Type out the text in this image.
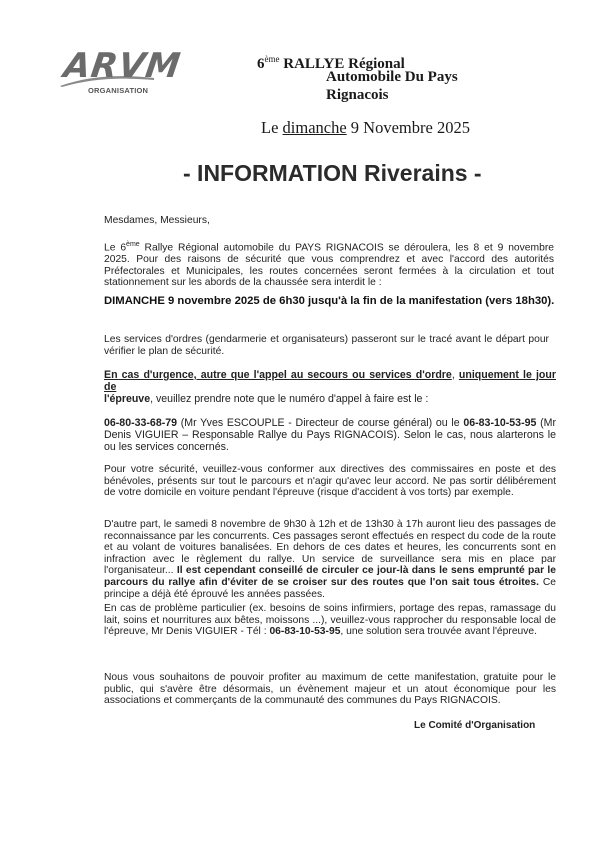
ARVM
ORGANISATION
6ème RALLYE Régional
Automobile Du Pays
Rignacois
Le dimanche 9 Novembre 2025
- INFORMATION Riverains -
Mesdames, Messieurs,
Le 6ème Rallye Régional automobile du PAYS RIGNACOIS se déroulera, les 8 et 9 novembre 2025. Pour des raisons de sécurité que vous comprendrez et avec l'accord des autorités Préfectorales et Municipales, les routes concernées seront fermées à la circulation et tout stationnement sur les abords de la chaussée sera interdit le :
DIMANCHE 9 novembre 2025 de 6h30 jusqu'à la fin de la manifestation (vers 18h30).
Les services d'ordres (gendarmerie et organisateurs) passeront sur le tracé avant le départ pour vérifier le plan de sécurité.
En cas d'urgence, autre que l'appel au secours ou services d'ordre, uniquement le jour de
l'épreuve, veuillez prendre note que le numéro d'appel à faire est le :
06-80-33-68-79 (Mr Yves ESCOUPLE - Directeur de course général) ou le 06-83-10-53-95 (Mr Denis VIGUIER – Responsable Rallye du Pays RIGNACOIS). Selon le cas, nous alarterons le ou les services concernés.
Pour votre sécurité, veuillez-vous conformer aux directives des commissaires en poste et des bénévoles, présents sur tout le parcours et n'agir qu'avec leur accord. Ne pas sortir délibérement de votre domicile en voiture pendant l'épreuve (risque d'accident à vos torts) par exemple.
D'autre part, le samedi 8 novembre de 9h30 à 12h et de 13h30 à 17h auront lieu des passages de reconnaissance par les concurrents. Ces passages seront effectués en respect du code de la route et au volant de voitures banalisées. En dehors de ces dates et heures, les concurrents sont en infraction avec le règlement du rallye. Un service de surveillance sera mis en place par l'organisateur... Il est cependant conseillé de circuler ce jour-là dans le sens emprunté par le parcours du rallye afin d'éviter de se croiser sur des routes que l'on sait tous étroites. Ce principe a déjà été éprouvé les années passées.
En cas de problème particulier (ex. besoins de soins infirmiers, portage des repas, ramassage du lait, soins et nourritures aux bêtes, moissons ...), veuillez-vous rapprocher du responsable local de l'épreuve, Mr Denis VIGUIER - Tél : 06-83-10-53-95, une solution sera trouvée avant l'épreuve.
Nous vous souhaitons de pouvoir profiter au maximum de cette manifestation, gratuite pour le public, qui s'avère être désormais, un évènement majeur et un atout économique pour les associations et commerçants de la communauté des communes du Pays RIGNACOIS.
Le Comité d'Organisation
